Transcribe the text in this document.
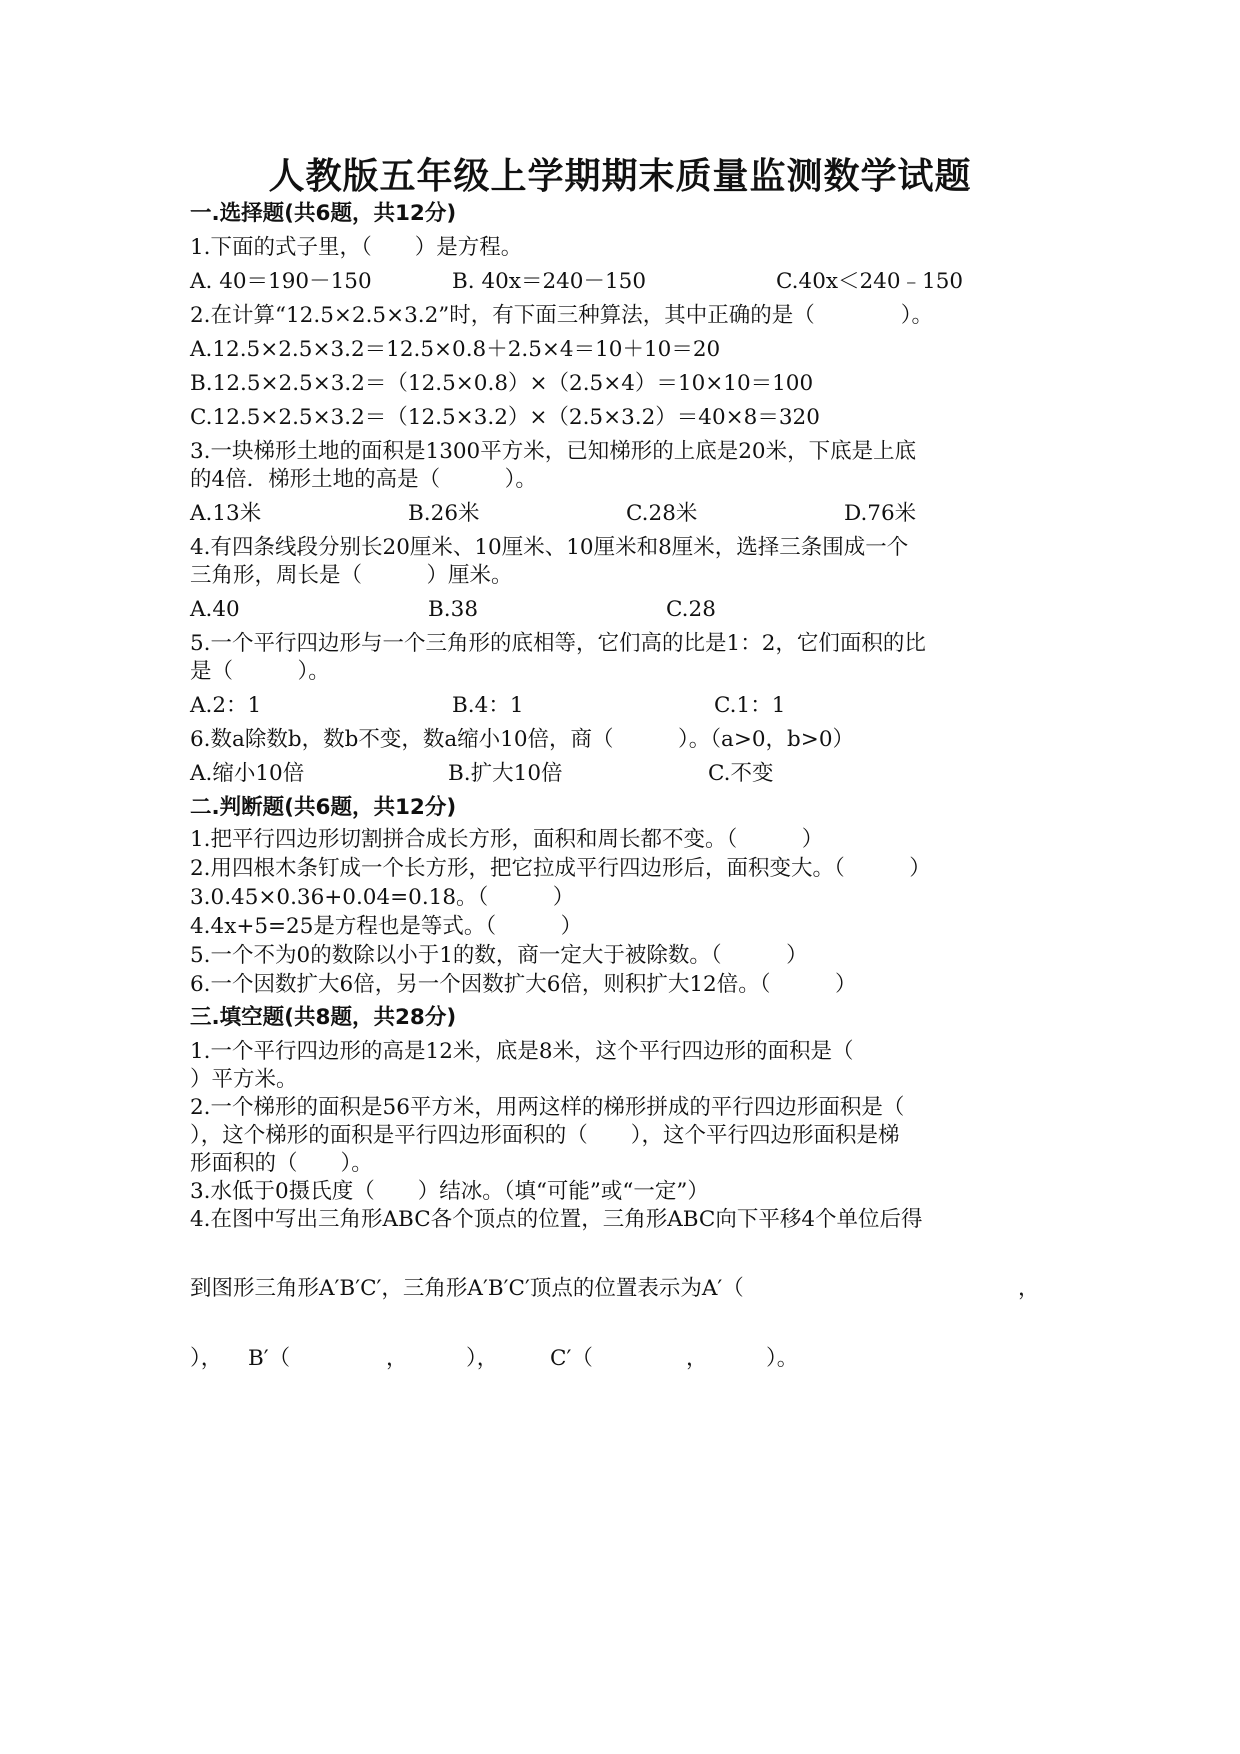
人教版五年级上学期期末质量监测数学试题
一.选择题(共6题，共12分)
1.下面的式子里，（　　）是方程。
A. 40＝190－150	B. 40x＝240－150	C.40x＜240﹣150
2.在计算“12.5×2.5×3.2”时，有下面三种算法，其中正确的是（　　　　）。
A.12.5×2.5×3.2＝12.5×0.8＋2.5×4＝10＋10＝20
B.12.5×2.5×3.2＝（12.5×0.8）×（2.5×4）＝10×10＝100
C.12.5×2.5×3.2＝（12.5×3.2）×（2.5×3.2）＝40×8＝320
3.一块梯形土地的面积是1300平方米，已知梯形的上底是20米，下底是上底
的4倍．梯形土地的高是（　　　）。
A.13米	B.26米	C.28米	D.76米
4.有四条线段分别长20厘米、10厘米、10厘米和8厘米，选择三条围成一个
三角形，周长是（　　　）厘米。
A.40	B.38	C.28
5.一个平行四边形与一个三角形的底相等，它们高的比是1：2，它们面积的比
是（　　　）。
A.2：1	B.4：1	C.1：1
6.数a除数b，数b不变，数a缩小10倍，商（　　　）。（a>0，b>0）
A.缩小10倍	B.扩大10倍	C.不变
二.判断题(共6题，共12分)
1.把平行四边形切割拼合成长方形，面积和周长都不变。（　　　）
2.用四根木条钉成一个长方形，把它拉成平行四边形后，面积变大。（　　　）
3.0.45×0.36+0.04=0.18。（　　　）
4.4x+5=25是方程也是等式。（　　　）
5.一个不为0的数除以小于1的数，商一定大于被除数。（　　　）
6.一个因数扩大6倍，另一个因数扩大6倍，则积扩大12倍。（　　　）
三.填空题(共8题，共28分)
1.一个平行四边形的高是12米，底是8米，这个平行四边形的面积是（
）平方米。
2.一个梯形的面积是56平方米，用两这样的梯形拼成的平行四边形面积是（
），这个梯形的面积是平行四边形面积的（　　），这个平行四边形面积是梯
形面积的（　　）。
3.水低于0摄氏度（　　）结冰。（填“可能”或“一定”）
4.在图中写出三角形ABC各个顶点的位置，三角形ABC向下平移4个单位后得
到图形三角形A′B′C′，三角形A′B′C′顶点的位置表示为A′（	，
）， B′（	，	）， C′（	，	）。
